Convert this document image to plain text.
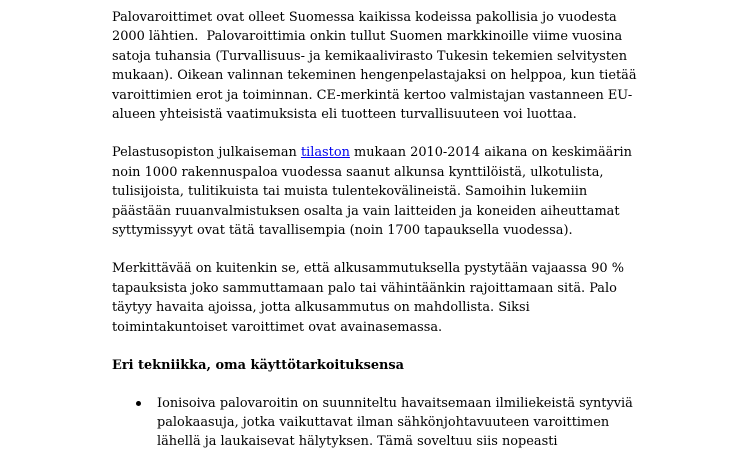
Palovaroittimet ovat olleet Suomessa kaikissa kodeissa pakollisia jo vuodesta
2000 lähtien.  Palovaroittimia onkin tullut Suomen markkinoille viime vuosina
satoja tuhansia (Turvallisuus- ja kemikaalivirasto Tukesin tekemien selvitysten
mukaan). Oikean valinnan tekeminen hengenpelastajaksi on helppoa, kun tietää
varoittimien erot ja toiminnan. CE-merkintä kertoo valmistajan vastanneen EU-
alueen yhteisistä vaatimuksista eli tuotteen turvallisuuteen voi luottaa.
Pelastusopiston julkaiseman tilaston mukaan 2010-2014 aikana on keskimäärin
noin 1000 rakennuspaloa vuodessa saanut alkunsa kynttilöistä, ulkotulista,
tulisijoista, tulitikuista tai muista tulentekovälineistä. Samoihin lukemiin
päästään ruuanvalmistuksen osalta ja vain laitteiden ja koneiden aiheuttamat
syttymissyyt ovat tätä tavallisempia (noin 1700 tapauksella vuodessa).
Merkittävää on kuitenkin se, että alkusammutuksella pystytään vajaassa 90 %
tapauksista joko sammuttamaan palo tai vähintäänkin rajoittamaan sitä. Palo
täytyy havaita ajoissa, jotta alkusammutus on mahdollista. Siksi
toimintakuntoiset varoittimet ovat avainasemassa.
Eri tekniikka, oma käyttötarkoituksensa
Ionisoiva palovaroitin on suunniteltu havaitsemaan ilmiliekeistä syntyviä
palokaasuja, jotka vaikuttavat ilman sähkönjohtavuuteen varoittimen
lähellä ja laukaisevat hälytyksen. Tämä soveltuu siis nopeasti
